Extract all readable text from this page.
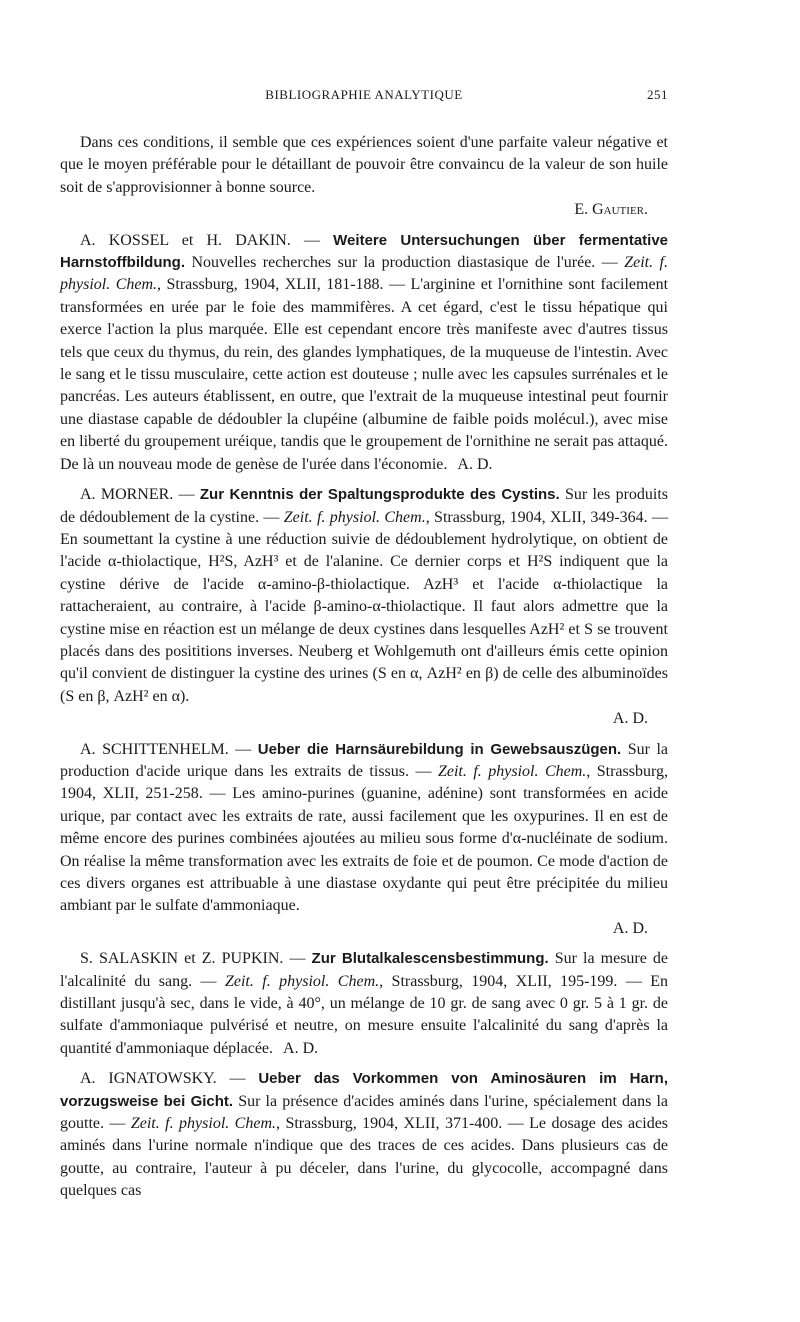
BIBLIOGRAPHIE ANALYTIQUE	251

Dans ces conditions, il semble que ces expériences soient d'une parfaite valeur négative et que le moyen préférable pour le détaillant de pouvoir être convaincu de la valeur de son huile soit de s'approvisionner à bonne source.

E. Gautier.

A. KOSSEL et H. DAKIN. — Weitere Untersuchungen über fermentative Harnstoffbildung. Nouvelles recherches sur la production diastasique de l'urée. — Zeit. f. physiol. Chem., Strassburg, 1904, XLII, 181-188. — L'arginine et l'ornithine sont facilement transformées en urée par le foie des mammifères. A cet égard, c'est le tissu hépatique qui exerce l'action la plus marquée. Elle est cependant encore très manifeste avec d'autres tissus tels que ceux du thymus, du rein, des glandes lymphatiques, de la muqueuse de l'intestin. Avec le sang et le tissu musculaire, cette action est douteuse ; nulle avec les capsules surrénales et le pancréas. Les auteurs établissent, en outre, que l'extrait de la muqueuse intestinal peut fournir une diastase capable de dédoubler la clupéine (albumine de faible poids molécul.), avec mise en liberté du groupement uréique, tandis que le groupement de l'ornithine ne serait pas attaqué. De là un nouveau mode de genèse de l'urée dans l'économie. A. D.

A. MORNER. — Zur Kenntnis der Spaltungsprodukte des Cystins. Sur les produits de dédoublement de la cystine. — Zeit. f. physiol. Chem., Strassburg, 1904, XLII, 349-364. — En soumettant la cystine à une réduction suivie de dédoublement hydrolytique, on obtient de l'acide α-thiolactique, H²S, AzH³ et de l'alanine. Ce dernier corps et H²S indiquent que la cystine dérive de l'acide α-amino-β-thiolactique. AzH³ et l'acide α-thiolactique la rattacheraient, au contraire, à l'acide β-amino-α-thiolactique. Il faut alors admettre que la cystine mise en réaction est un mélange de deux cystines dans lesquelles AzH² et S se trouvent placés dans des posititions inverses. Neuberg et Wohlgemuth ont d'ailleurs émis cette opinion qu'il convient de distinguer la cystine des urines (S en α, AzH² en β) de celle des albuminoïdes (S en β, AzH² en α).

A. D.

A. SCHITTENHELM. — Ueber die Harnsäurebildung in Gewebsauszügen. Sur la production d'acide urique dans les extraits de tissus. — Zeit. f. physiol. Chem., Strassburg, 1904, XLII, 251-258. — Les amino-purines (guanine, adénine) sont transformées en acide urique, par contact avec les extraits de rate, aussi facilement que les oxypurines. Il en est de même encore des purines combinées ajoutées au milieu sous forme d'α-nucléinate de sodium. On réalise la même transformation avec les extraits de foie et de poumon. Ce mode d'action de ces divers organes est attribuable à une diastase oxydante qui peut être précipitée du milieu ambiant par le sulfate d'ammoniaque.

A. D.

S. SALASKIN et Z. PUPKIN. — Zur Blutalkalescensbestimmung. Sur la mesure de l'alcalinité du sang. — Zeit. f. physiol. Chem., Strassburg, 1904, XLII, 195-199. — En distillant jusqu'à sec, dans le vide, à 40°, un mélange de 10 gr. de sang avec 0 gr. 5 à 1 gr. de sulfate d'ammoniaque pulvérisé et neutre, on mesure ensuite l'alcalinité du sang d'après la quantité d'ammoniaque déplacée. A. D.

A. IGNATOWSKY. — Ueber das Vorkommen von Aminosäuren im Harn, vorzugsweise bei Gicht. Sur la présence d'acides aminés dans l'urine, spécialement dans la goutte. — Zeit. f. physiol. Chem., Strassburg, 1904, XLII, 371-400. — Le dosage des acides aminés dans l'urine normale n'indique que des traces de ces acides. Dans plusieurs cas de goutte, au contraire, l'auteur à pu déceler, dans l'urine, du glycocolle, accompagné dans quelques cas
